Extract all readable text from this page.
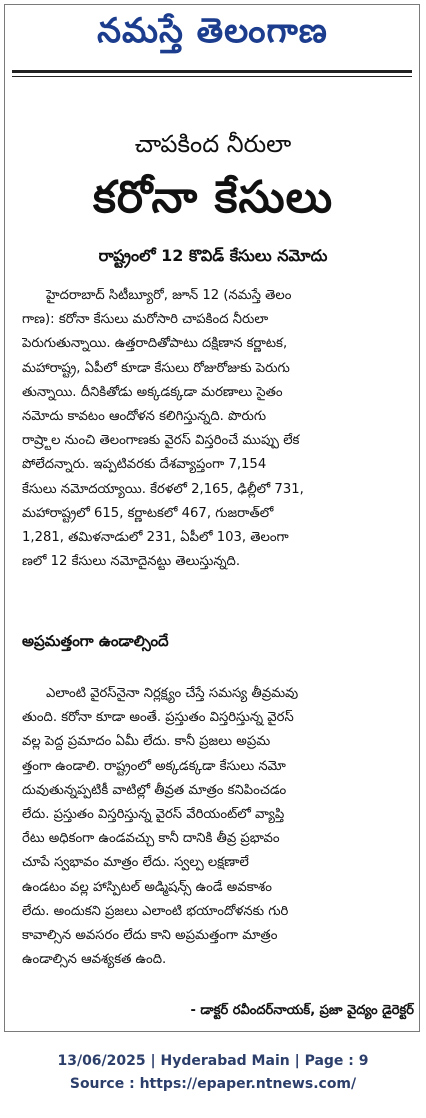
నమస్తే తెలంగాణ
చాపకింద నీరులా
కరోనా కేసులు
రాష్ట్రంలో 12 కొవిడ్‌ కేసులు నమోదు
హైదరాబాద్‌ సిటీబ్యూరో, జూన్‌ 12 (నమస్తే తెలం
గాణ): కరోనా కేసులు మరోసారి చాపకింద నీరులా
పెరుగుతున్నాయి. ఉత్తరాదితోపాటు దక్షిణాన కర్ణాటక,
మహారాష్ట్ర, ఏపీలో కూడా కేసులు రోజురోజుకు పెరుగు
తున్నాయి. దీనికితోడు అక్కడక్కడా మరణాలు సైతం
నమోదు కావటం ఆందోళన కలిగిస్తున్నది. పొరుగు
రాష్ర్టాల నుంచి తెలంగాణకు వైరస్‌ విస్తరించే ముప్పు లేక
పోలేదన్నారు. ఇప్పటివరకు దేశవ్యాప్తంగా 7,154
కేసులు నమోదయ్యాయి. కేరళలో 2,165, ఢిల్లీలో 731,
మహారాష్ట్రలో 615, కర్ణాటకలో 467, గుజరాత్‌లో
1,281, తమిళనాడులో 231, ఏపీలో 103, తెలంగా
ణలో 12 కేసులు నమోదైనట్టు తెలుస్తున్నది.
అప్రమత్తంగా ఉండాల్సిందే
ఎలాంటి వైరస్‌నైనా నిర్లక్ష్యం చేస్తే సమస్య తీవ్రమవు
తుంది. కరోనా కూడా అంతే. ప్రస్తుతం విస్తరిస్తున్న వైరస్‌
వల్ల పెద్ద ప్రమాదం ఏమీ లేదు. కానీ ప్రజలు అప్రమ
త్తంగా ఉండాలి. రాష్ట్రంలో అక్కడక్కడా కేసులు నమో
దువుతున్నప్పటికీ వాటిల్లో తీవ్రత మాత్రం కనిపించడం
లేదు. ప్రస్తుతం విస్తరిస్తున్న వైరస్‌ వేరియంట్‌లో వ్యాప్తి
రేటు అధికంగా ఉండవచ్చు కానీ దానికి తీవ్ర ప్రభావం
చూపే స్వభావం మాత్రం లేదు. స్వల్ప లక్షణాలే
ఉండటం వల్ల హాస్పిటల్‌ అడ్మిషన్స్‌ ఉండే అవకాశం
లేదు. అందుకని ప్రజలు ఎలాంటి భయాందోళనకు గురి
కావాల్సిన అవసరం లేదు కాని అప్రమత్తంగా మాత్రం
ఉండాల్సిన ఆవశ్యకత ఉంది.
- డాక్టర్‌ రవీందర్‌నాయక్‌, ప్రజా వైద్యం డైరెక్టర్‌
13/06/2025 | Hyderabad Main | Page : 9
Source : https://epaper.ntnews.com/
